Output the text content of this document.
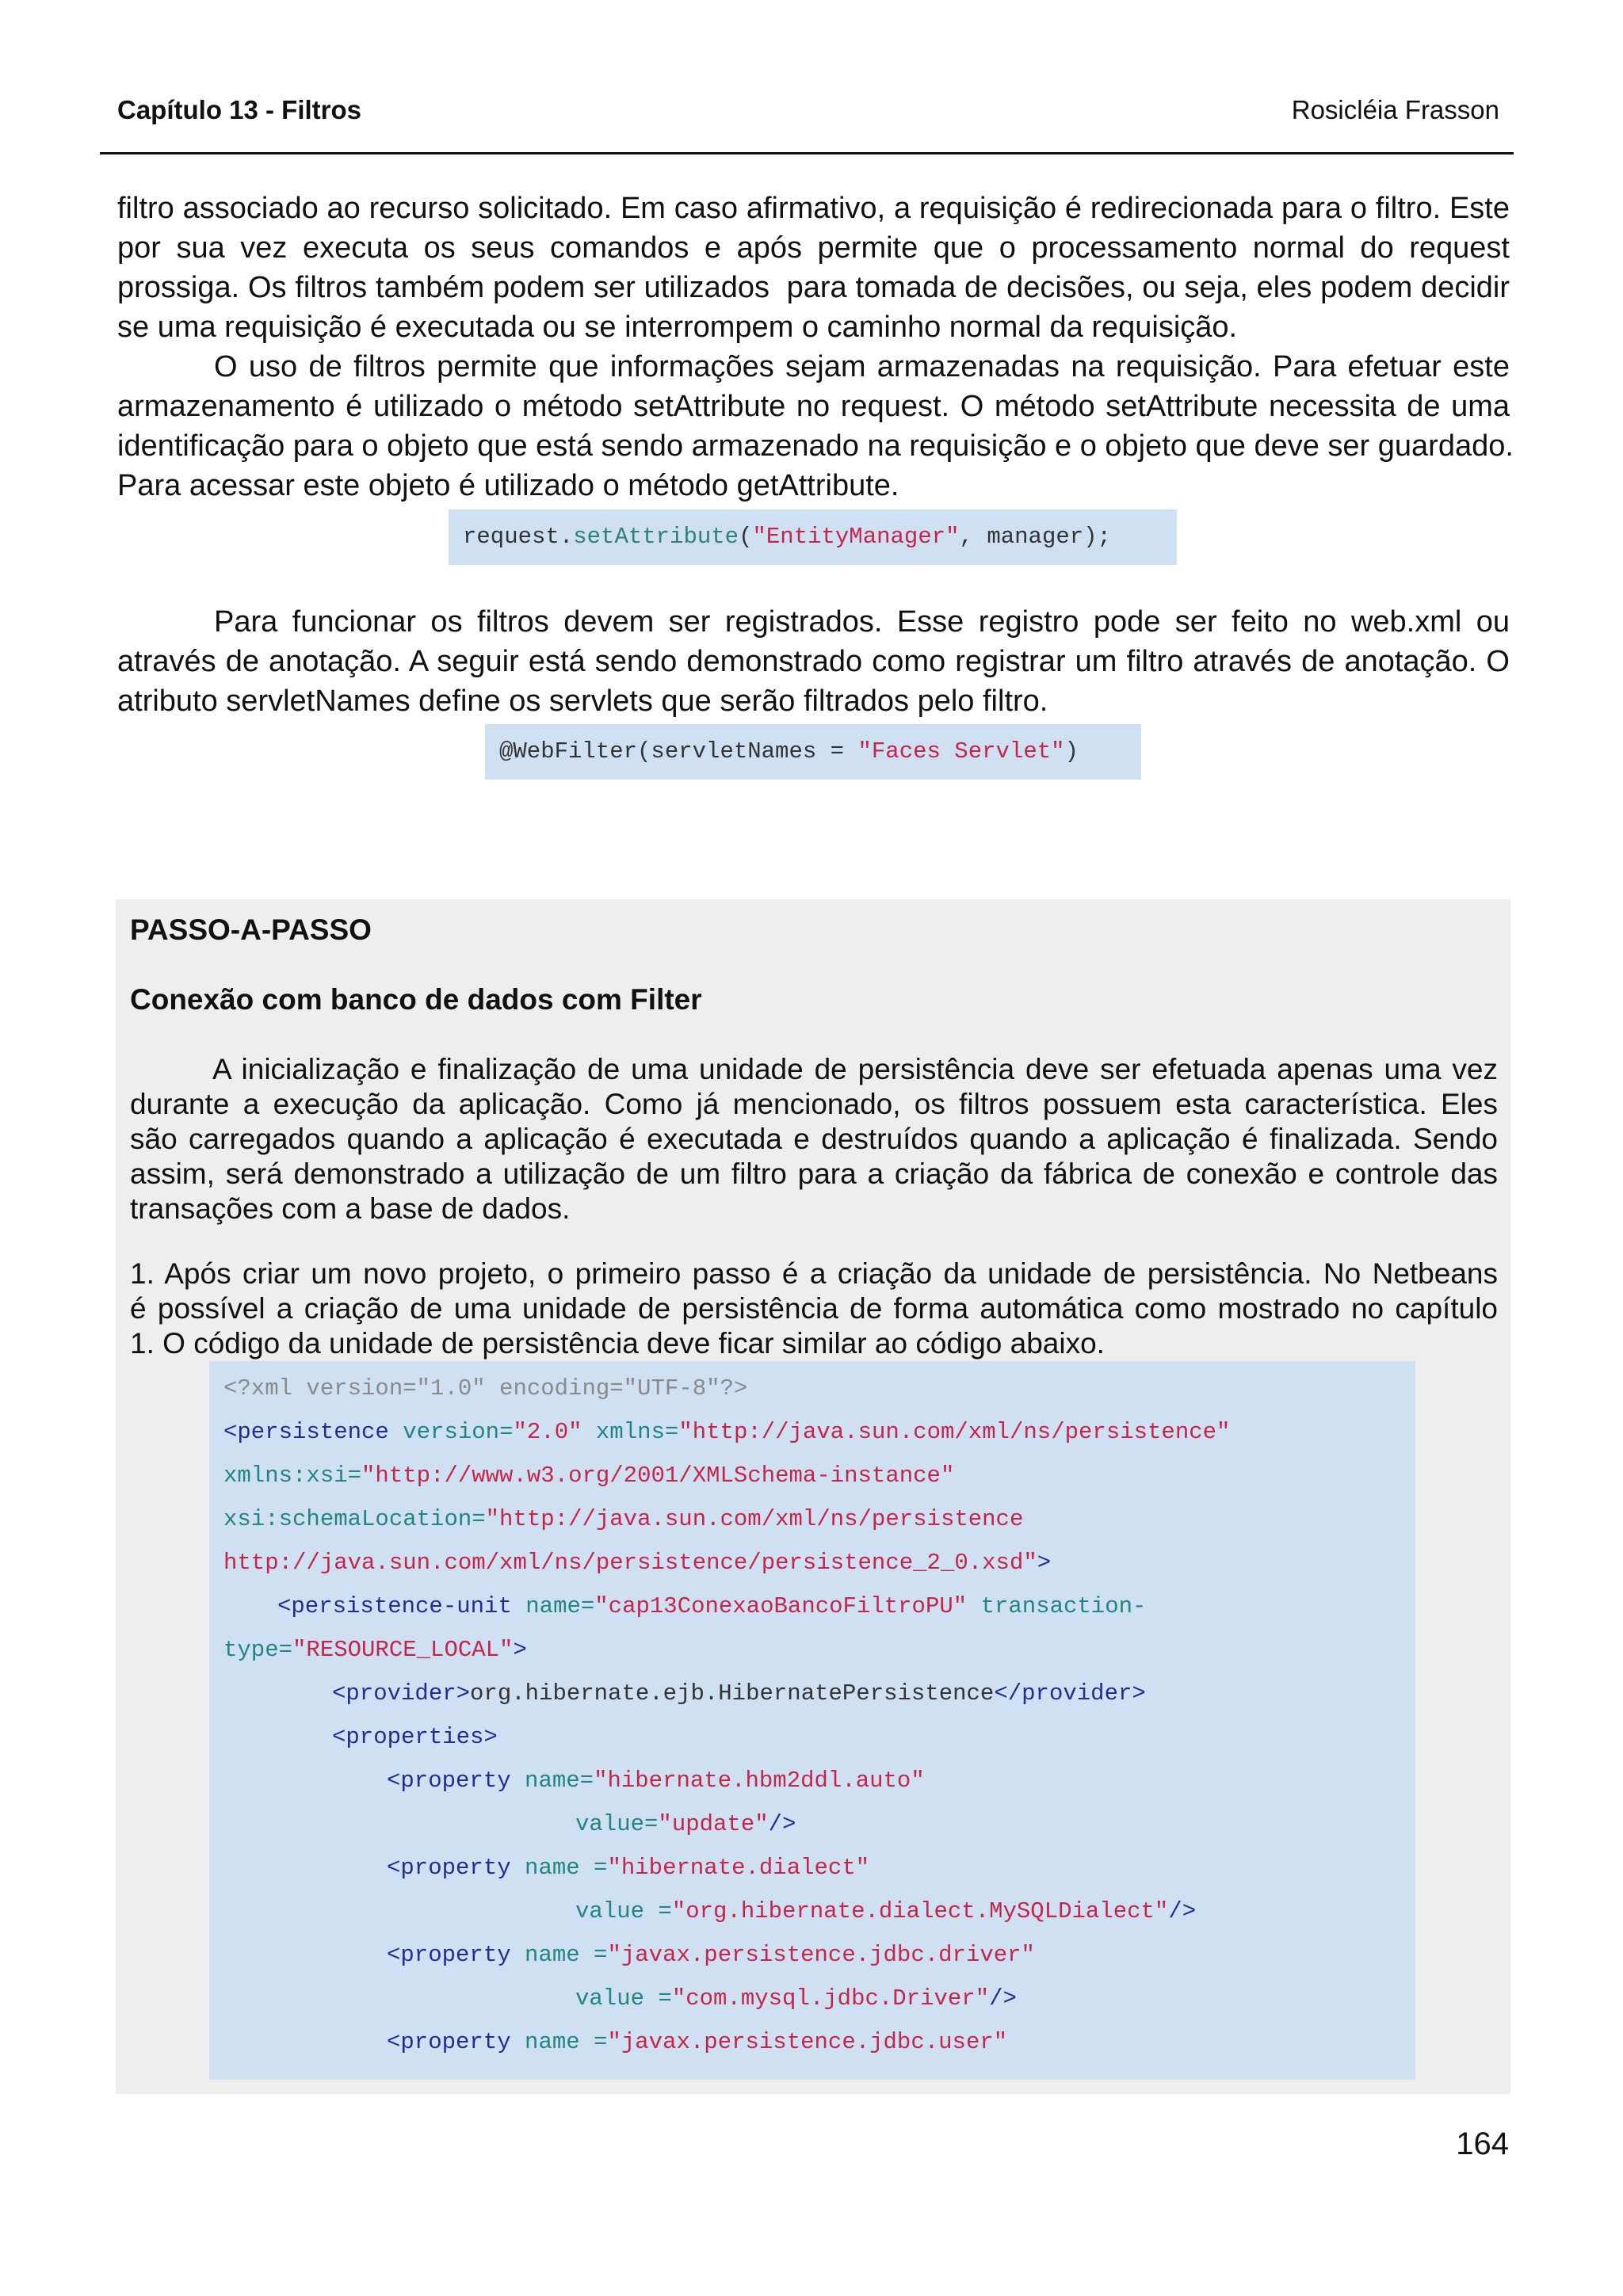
Capítulo 13 - Filtros	Rosicléia Frasson
filtro associado ao recurso solicitado. Em caso afirmativo, a requisição é redirecionada para o filtro. Este
por sua vez executa os seus comandos e após permite que o processamento normal do request
prossiga. Os filtros também podem ser utilizados  para tomada de decisões, ou seja, eles podem decidir
se uma requisição é executada ou se interrompem o caminho normal da requisição.
O uso de filtros permite que informações sejam armazenadas na requisição. Para efetuar este
armazenamento é utilizado o método setAttribute no request. O método setAttribute necessita de uma
identificação para o objeto que está sendo armazenado na requisição e o objeto que deve ser guardado.
Para acessar este objeto é utilizado o método getAttribute.
request.setAttribute("EntityManager", manager);
Para funcionar os filtros devem ser registrados. Esse registro pode ser feito no web.xml ou
através de anotação. A seguir está sendo demonstrado como registrar um filtro através de anotação. O
atributo servletNames define os servlets que serão filtrados pelo filtro.
@WebFilter(servletNames = "Faces Servlet")
PASSO-A-PASSO
Conexão com banco de dados com Filter
A inicialização e finalização de uma unidade de persistência deve ser efetuada apenas uma vez
durante a execução da aplicação. Como já mencionado, os filtros possuem esta característica. Eles
são carregados quando a aplicação é executada e destruídos quando a aplicação é finalizada. Sendo
assim, será demonstrado a utilização de um filtro para a criação da fábrica de conexão e controle das
transações com a base de dados.
1. Após criar um novo projeto, o primeiro passo é a criação da unidade de persistência. No Netbeans
é possível a criação de uma unidade de persistência de forma automática como mostrado no capítulo
1. O código da unidade de persistência deve ficar similar ao código abaixo.
<?xml version="1.0" encoding="UTF-8"?>
<persistence version="2.0" xmlns="http://java.sun.com/xml/ns/persistence"
xmlns:xsi="http://www.w3.org/2001/XMLSchema-instance"
xsi:schemaLocation="http://java.sun.com/xml/ns/persistence
http://java.sun.com/xml/ns/persistence/persistence_2_0.xsd">
<persistence-unit name="cap13ConexaoBancoFiltroPU" transaction-
type="RESOURCE_LOCAL">
<provider>org.hibernate.ejb.HibernatePersistence</provider>
<properties>
<property name="hibernate.hbm2ddl.auto"
value="update"/>
<property name ="hibernate.dialect"
value ="org.hibernate.dialect.MySQLDialect"/>
<property name ="javax.persistence.jdbc.driver"
value ="com.mysql.jdbc.Driver"/>
<property name ="javax.persistence.jdbc.user"
164
